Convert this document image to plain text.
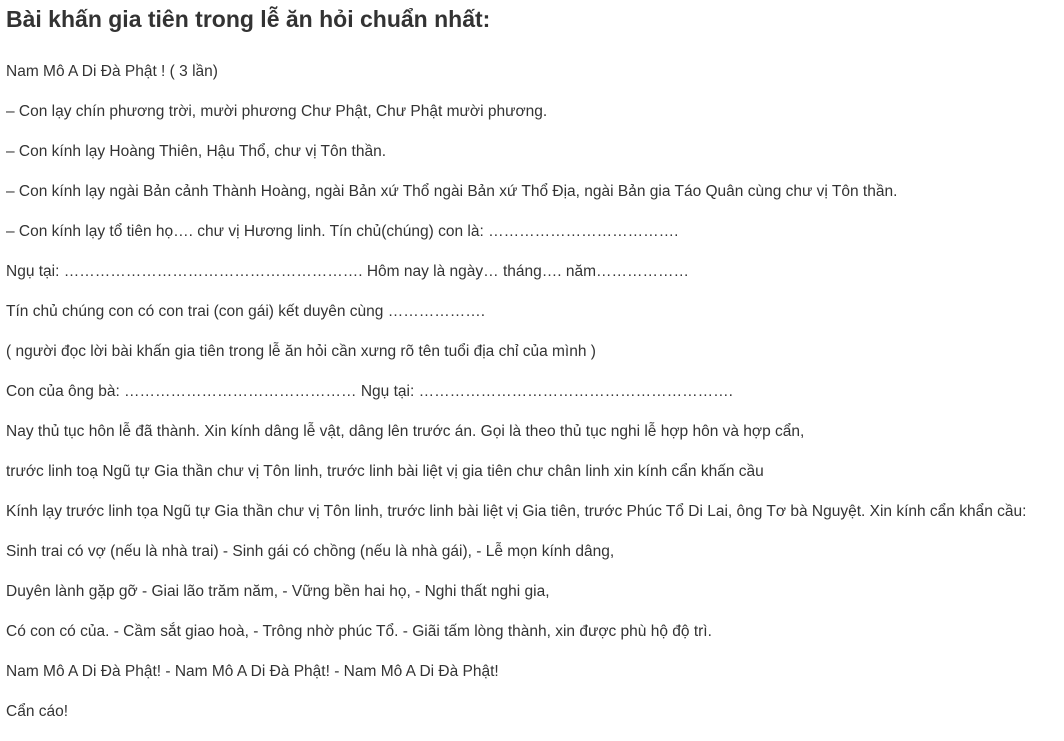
Bài khấn gia tiên trong lễ ăn hỏi chuẩn nhất:

Nam Mô A Di Đà Phật ! ( 3 lần)

– Con lạy chín phương trời, mười phương Chư Phật, Chư Phật mười phương.

– Con kính lạy Hoàng Thiên, Hậu Thổ, chư vị Tôn thần.

– Con kính lạy ngài Bản cảnh Thành Hoàng, ngài Bản xứ Thổ ngài Bản xứ Thổ Địa, ngài Bản gia Táo Quân cùng chư vị Tôn thần.

– Con kính lạy tổ tiên họ…. chư vị Hương linh. Tín chủ(chúng) con là: ……………………………….

Ngụ tại: …………………………………………………. Hôm nay là ngày… tháng…. năm………………

Tín chủ chúng con có con trai (con gái) kết duyên cùng ……………….

( người đọc lời bài khấn gia tiên trong lễ ăn hỏi cần xưng rõ tên tuổi địa chỉ của mình )

Con của ông bà: ……………………………………… Ngụ tại: …………………………………………………….

Nay thủ tục hôn lễ đã thành. Xin kính dâng lễ vật, dâng lên trước án. Gọi là theo thủ tục nghi lễ hợp hôn và hợp cẩn,

trước linh toạ Ngũ tự Gia thần chư vị Tôn linh, trước linh bài liệt vị gia tiên chư chân linh xin kính cẩn khấn cầu

Kính lạy trước linh tọa Ngũ tự Gia thần chư vị Tôn linh, trước linh bài liệt vị Gia tiên, trước Phúc Tổ Di Lai, ông Tơ bà Nguyệt. Xin kính cẩn khẩn cầu:

Sinh trai có vợ (nếu là nhà trai) - Sinh gái có chồng (nếu là nhà gái), - Lễ mọn kính dâng,

Duyên lành gặp gỡ - Giai lão trăm năm, - Vững bền hai họ, - Nghi thất nghi gia,

Có con có của. - Cầm sắt giao hoà, - Trông nhờ phúc Tổ. - Giãi tấm lòng thành, xin được phù hộ độ trì.

Nam Mô A Di Đà Phật! - Nam Mô A Di Đà Phật! - Nam Mô A Di Đà Phật!

Cẩn cáo!
